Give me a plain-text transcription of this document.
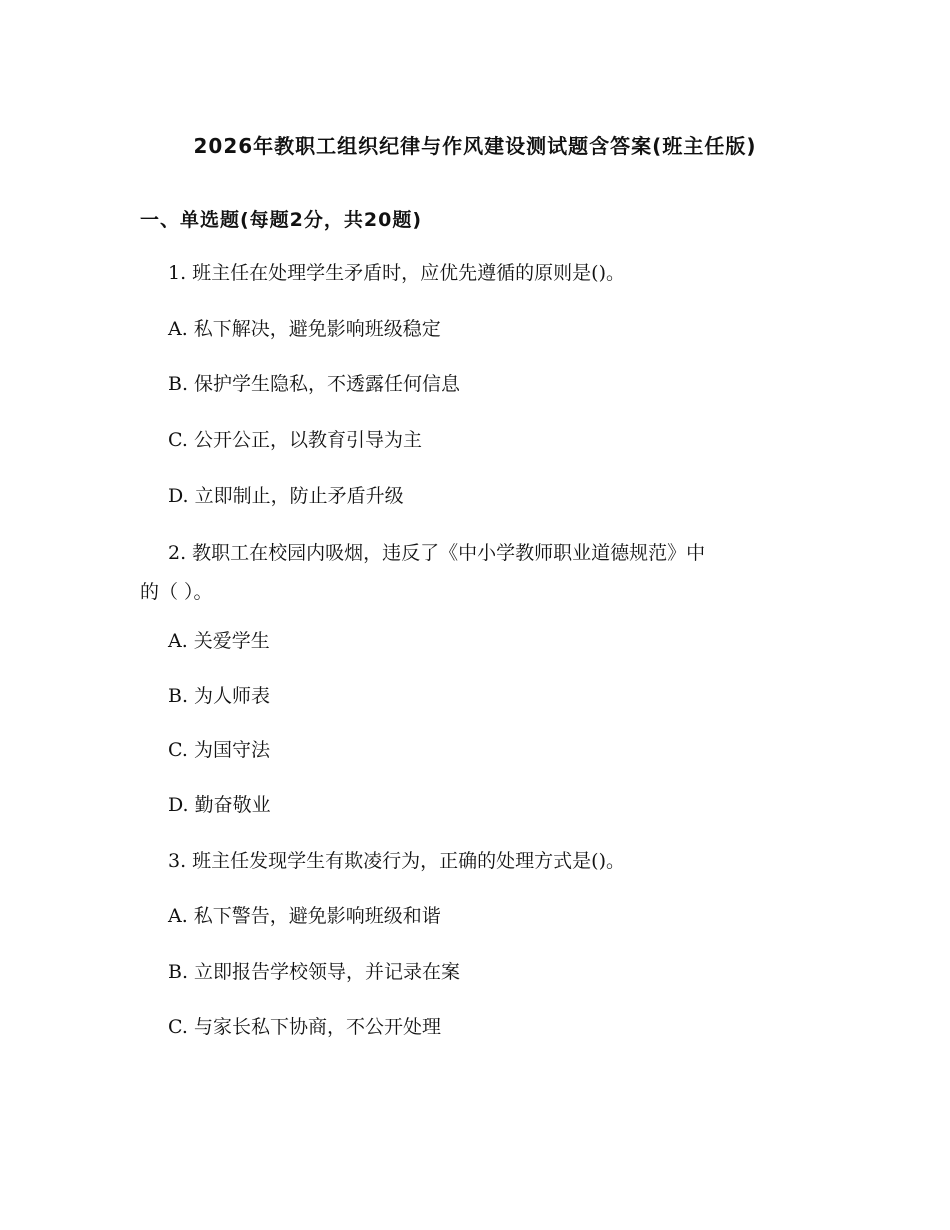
2026年教职工组织纪律与作风建设测试题含答案(班主任版)
一、单选题(每题2分，共20题)
1. 班主任在处理学生矛盾时，应优先遵循的原则是()。
A. 私下解决，避免影响班级稳定
B. 保护学生隐私，不透露任何信息
C. 公开公正，以教育引导为主
D. 立即制止，防止矛盾升级
2. 教职工在校园内吸烟，违反了《中小学教师职业道德规范》中
的（ ）。
A. 关爱学生
B. 为人师表
C. 为国守法
D. 勤奋敬业
3. 班主任发现学生有欺凌行为，正确的处理方式是()。
A. 私下警告，避免影响班级和谐
B. 立即报告学校领导，并记录在案
C. 与家长私下协商，不公开处理
